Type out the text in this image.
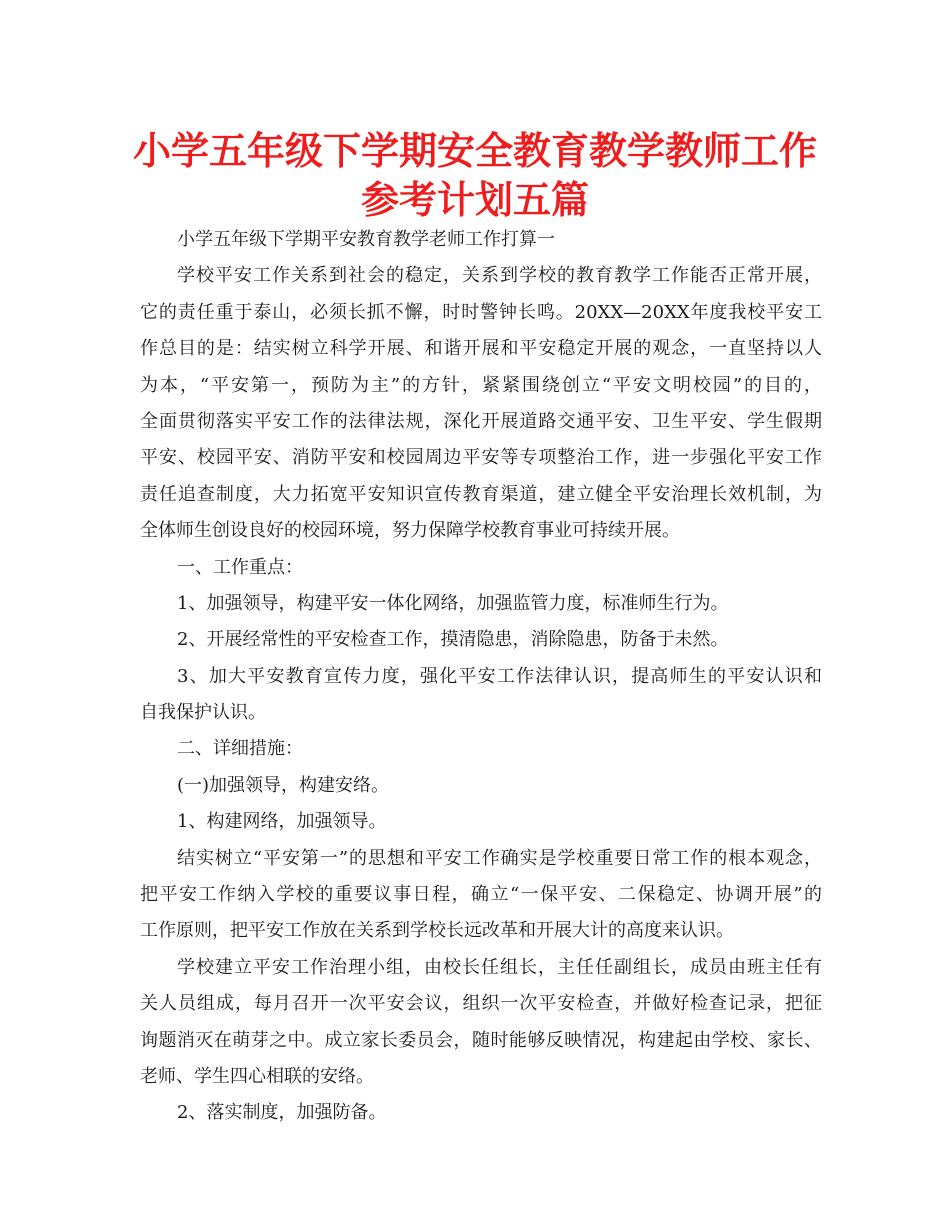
小学五年级下学期安全教育教学教师工作
参考计划五篇
小学五年级下学期平安教育教学老师工作打算一
学校平安工作关系到社会的稳定，关系到学校的教育教学工作能否正常开展，
它的责任重于泰山，必须长抓不懈，时时警钟长鸣。20XX—20XX年度我校平安工
作总目的是：结实树立科学开展、和谐开展和平安稳定开展的观念，一直坚持以人
为本，“平安第一，预防为主”的方针，紧紧围绕创立“平安文明校园”的目的，
全面贯彻落实平安工作的法律法规，深化开展道路交通平安、卫生平安、学生假期
平安、校园平安、消防平安和校园周边平安等专项整治工作，进一步强化平安工作
责任追查制度，大力拓宽平安知识宣传教育渠道，建立健全平安治理长效机制，为
全体师生创设良好的校园环境，努力保障学校教育事业可持续开展。
一、工作重点：
1、加强领导，构建平安一体化网络，加强监管力度，标准师生行为。
2、开展经常性的平安检查工作，摸清隐患，消除隐患，防备于未然。
3、加大平安教育宣传力度，强化平安工作法律认识，提高师生的平安认识和
自我保护认识。
二、详细措施：
(一)加强领导，构建安络。
1、构建网络，加强领导。
结实树立“平安第一”的思想和平安工作确实是学校重要日常工作的根本观念，
把平安工作纳入学校的重要议事日程，确立“一保平安、二保稳定、协调开展”的
工作原则，把平安工作放在关系到学校长远改革和开展大计的高度来认识。
学校建立平安工作治理小组，由校长任组长，主任任副组长，成员由班主任有
关人员组成，每月召开一次平安会议，组织一次平安检查，并做好检查记录，把征
询题消灭在萌芽之中。成立家长委员会，随时能够反映情况，构建起由学校、家长、
老师、学生四心相联的安络。
2、落实制度，加强防备。
